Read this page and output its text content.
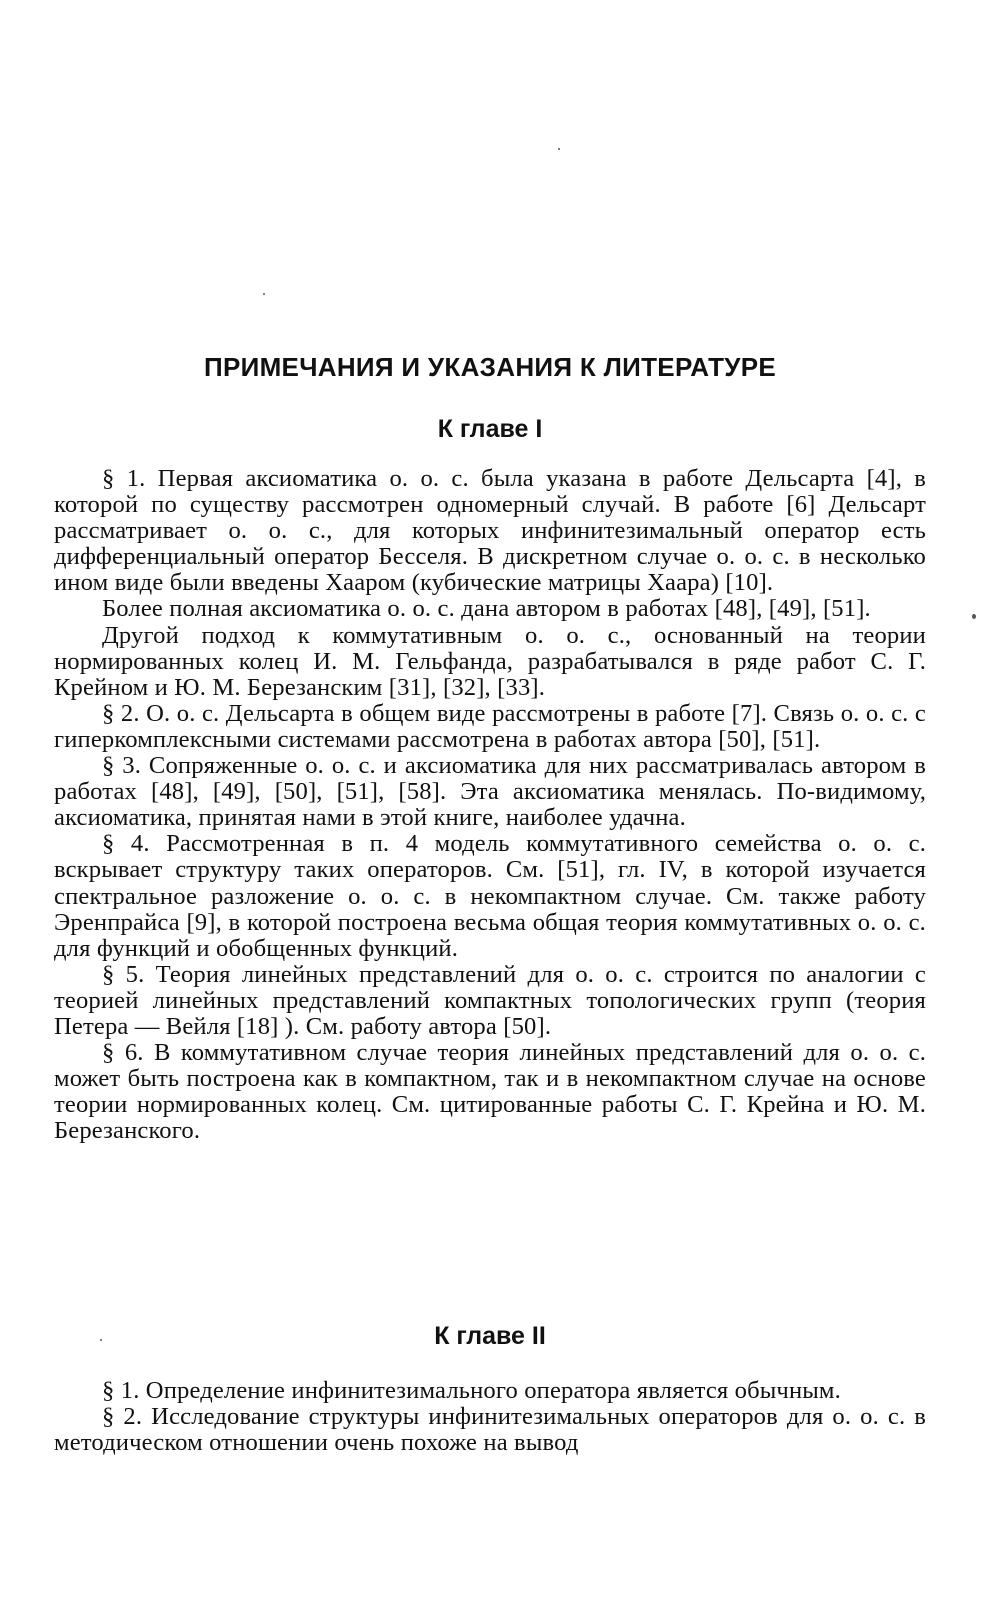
ПРИМЕЧАНИЯ И УКАЗАНИЯ К ЛИТЕРАТУРЕ
К главе I

§ 1. Первая аксиоматика о. о. с. была указана в работе Дельсарта [4], в которой по существу рассмотрен одномерный случай. В работе [6] Дельсарт рассматривает о. о. с., для которых инфинитезимальный оператор есть дифференциальный оператор Бесселя. В дискретном случае о. о. с. в несколько ином виде были введены Хааром (кубические матрицы Хаара) [10].

Более полная аксиоматика о. о. с. дана автором в работах [48], [49], [51].

Другой подход к коммутативным о. о. с., основанный на теории нормированных колец И. М. Гельфанда, разрабатывался в ряде работ С. Г. Крейном и Ю. М. Березанским [31], [32], [33].

§ 2. О. о. с. Дельсарта в общем виде рассмотрены в работе [7]. Связь о. о. с. с гиперкомплексными системами рассмотрена в работах автора [50], [51].

§ 3. Сопряженные о. о. с. и аксиоматика для них рассматривалась автором в работах [48], [49], [50], [51], [58]. Эта аксиоматика менялась. По-видимому, аксиоматика, принятая нами в этой книге, наиболее удачна.

§ 4. Рассмотренная в п. 4 модель коммутативного семейства о. о. с. вскрывает структуру таких операторов. См. [51], гл. IV, в которой изучается спектральное разложение о. о. с. в некомпактном случае. См. также работу Эренпрайса [9], в которой построена весьма общая теория коммутативных о. о. с. для функций и обобщенных функций.

§ 5. Теория линейных представлений для о. о. с. строится по аналогии с теорией линейных представлений компактных топологических групп (теория Петера — Вейля [18] ). См. работу автора [50].

§ 6. В коммутативном случае теория линейных представлений для о. о. с. может быть построена как в компактном, так и в некомпактном случае на основе теории нормированных колец. См. цитированные работы С. Г. Крейна и Ю. М. Березанского.

К главе II

§ 1. Определение инфинитезимального оператора является обычным.

§ 2. Исследование структуры инфинитезимальных операторов для о. о. с. в методическом отношении очень похоже на вывод
